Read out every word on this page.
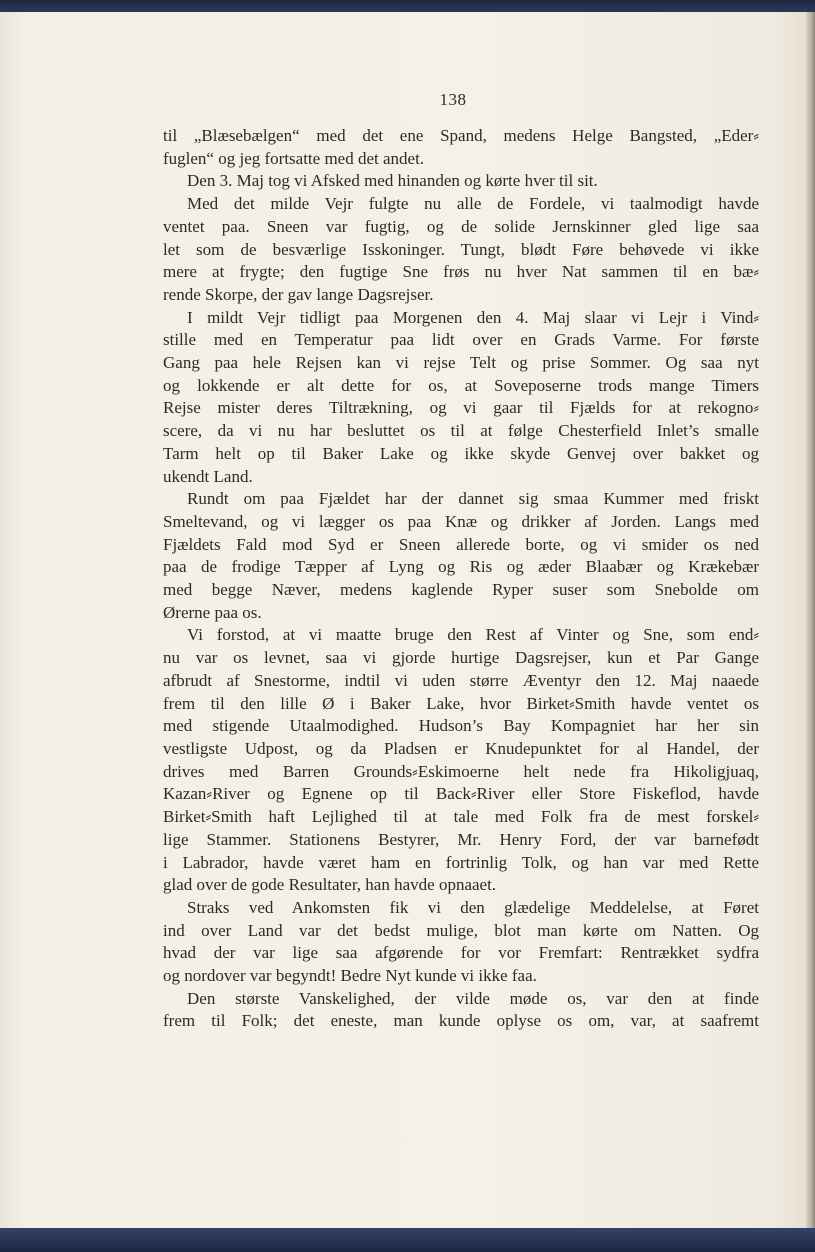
138
til „Blæsebælgen“ med det ene Spand, medens Helge Bangsted, „Eder⸗
fuglen“ og jeg fortsatte med det andet.
Den 3. Maj tog vi Afsked med hinanden og kørte hver til sit.
Med det milde Vejr fulgte nu alle de Fordele, vi taalmodigt havde
ventet paa. Sneen var fugtig, og de solide Jernskinner gled lige saa
let som de besværlige Isskoninger. Tungt, blødt Føre behøvede vi ikke
mere at frygte; den fugtige Sne frøs nu hver Nat sammen til en bæ⸗
rende Skorpe, der gav lange Dagsrejser.
I mildt Vejr tidligt paa Morgenen den 4. Maj slaar vi Lejr i Vind⸗
stille med en Temperatur paa lidt over en Grads Varme. For første
Gang paa hele Rejsen kan vi rejse Telt og prise Sommer. Og saa nyt
og lokkende er alt dette for os, at Soveposerne trods mange Timers
Rejse mister deres Tiltrækning, og vi gaar til Fjælds for at rekogno⸗
scere, da vi nu har besluttet os til at følge Chesterfield Inlet’s smalle
Tarm helt op til Baker Lake og ikke skyde Genvej over bakket og
ukendt Land.
Rundt om paa Fjældet har der dannet sig smaa Kummer med friskt
Smeltevand, og vi lægger os paa Knæ og drikker af Jorden. Langs med
Fjældets Fald mod Syd er Sneen allerede borte, og vi smider os ned
paa de frodige Tæpper af Lyng og Ris og æder Blaabær og Krækebær
med begge Næver, medens kaglende Ryper suser som Snebolde om
Ørerne paa os.
Vi forstod, at vi maatte bruge den Rest af Vinter og Sne, som end⸗
nu var os levnet, saa vi gjorde hurtige Dagsrejser, kun et Par Gange
afbrudt af Snestorme, indtil vi uden større Æventyr den 12. Maj naaede
frem til den lille Ø i Baker Lake, hvor Birket⸗Smith havde ventet os
med stigende Utaalmodighed. Hudson’s Bay Kompagniet har her sin
vestligste Udpost, og da Pladsen er Knudepunktet for al Handel, der
drives med Barren Grounds⸗Eskimoerne helt nede fra Hikoligjuaq,
Kazan⸗River og Egnene op til Back⸗River eller Store Fiskeflod, havde
Birket⸗Smith haft Lejlighed til at tale med Folk fra de mest forskel⸗
lige Stammer. Stationens Bestyrer, Mr. Henry Ford, der var barnefødt
i Labrador, havde været ham en fortrinlig Tolk, og han var med Rette
glad over de gode Resultater, han havde opnaaet.
Straks ved Ankomsten fik vi den glædelige Meddelelse, at Føret
ind over Land var det bedst mulige, blot man kørte om Natten. Og
hvad der var lige saa afgørende for vor Fremfart: Rentrækket sydfra
og nordover var begyndt! Bedre Nyt kunde vi ikke faa.
Den største Vanskelighed, der vilde møde os, var den at finde
frem til Folk; det eneste, man kunde oplyse os om, var, at saafremt
